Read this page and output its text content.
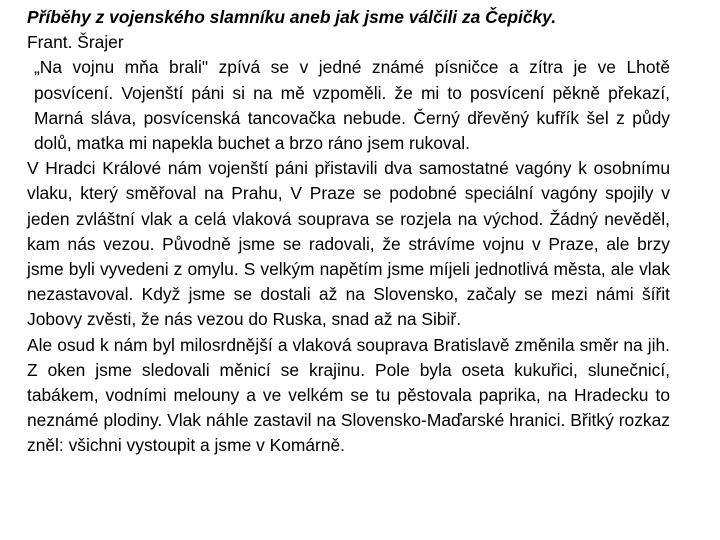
Příběhy z vojenského slamníku aneb jak jsme válčili za Čepičky.

Frant. Šrajer

„Na vojnu mňa brali" zpívá se v jedné známé písničce a zítra je ve Lhotě posvícení. Vojenští páni si na mě vzpoměli. že mi to posvícení pěkně překazí, Marná sláva, posvícenská tancovačka nebude. Černý dřevěný kufřík šel z půdy dolů, matka mi napekla buchet a brzo ráno jsem rukoval.

V Hradci Králové nám vojenští páni přistavili dva samostatné vagóny k osobnímu vlaku, který směřoval na Prahu, V Praze se podobné speciální vagóny spojily v jeden zvláštní vlak a celá vlaková souprava se rozjela na východ. Žádný nevěděl, kam nás vezou. Původně jsme se radovali, že strávíme vojnu v Praze, ale brzy jsme byli vyvedeni z omylu. S velkým napětím jsme míjeli jednotlivá města, ale vlak nezastavoval. Když jsme se dostali až na Slovensko, začaly se mezi námi šířit Jobovy zvěsti, že nás vezou do Ruska, snad až na Sibiř.

Ale osud k nám byl milosrdnější a vlaková souprava Bratislavě změnila směr na jih. Z oken jsme sledovali měnicí se krajinu. Pole byla oseta kukuřici, slunečnicí, tabákem, vodními melouny a ve velkém se tu pěstovala paprika, na Hradecku to neznámé plodiny. Vlak náhle zastavil na Slovensko-Maďarské hranici. Břitký rozkaz zněl: všichni vystoupit a jsme v Komárně.
